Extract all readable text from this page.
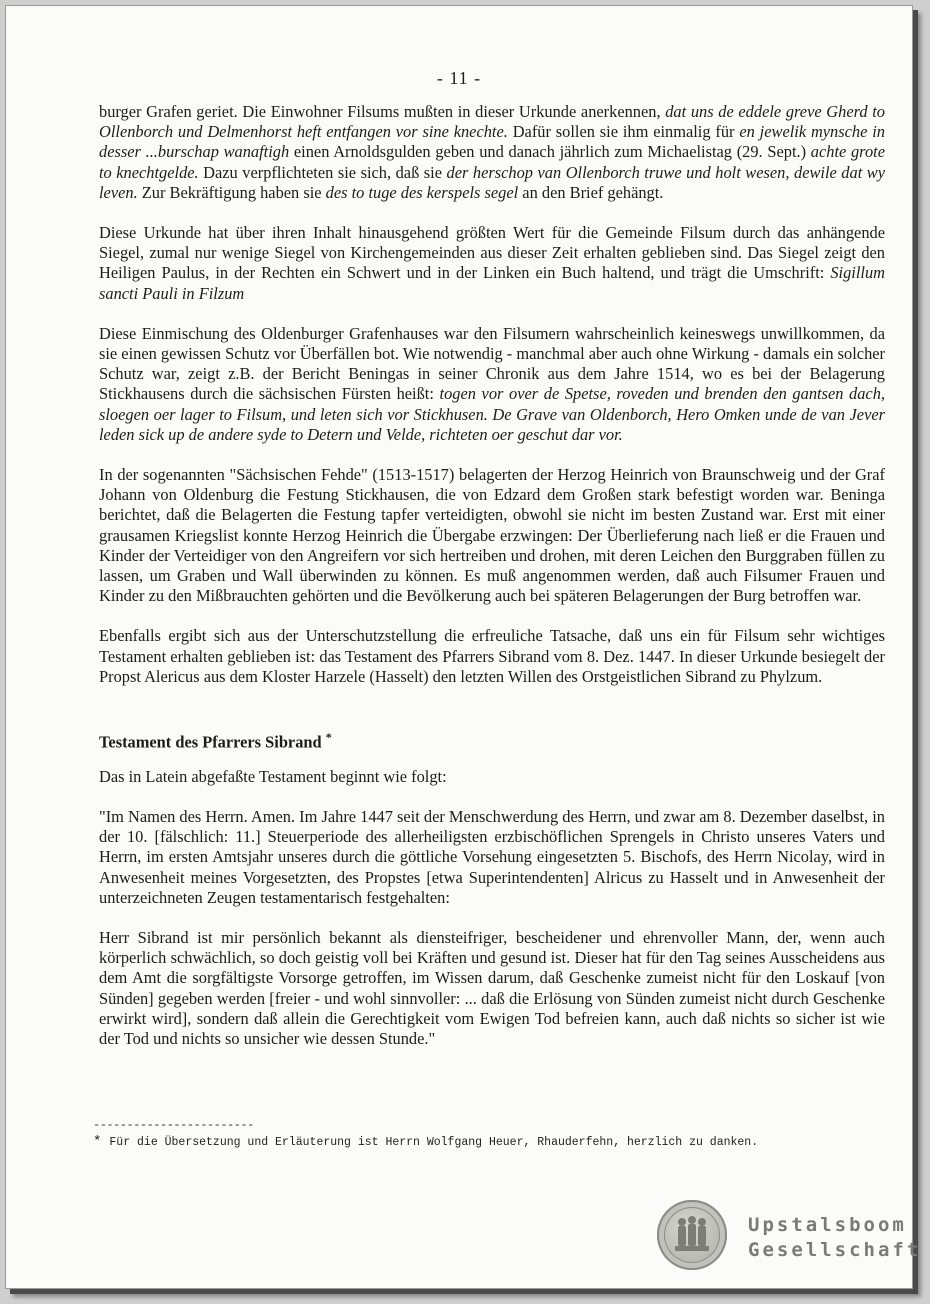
- 11 -

burger Grafen geriet. Die Einwohner Filsums mußten in dieser Urkunde anerkennen, dat uns de eddele greve Gherd to Ollenborch und Delmenhorst heft entfangen vor sine knechte. Dafür sollen sie ihm einmalig für en jewelik mynsche in desser ...burschap wanaftigh einen Arnoldsgulden geben und danach jährlich zum Michaelistag (29. Sept.) achte grote to knechtgelde. Dazu verpflichteten sie sich, daß sie der herschop van Ollenborch truwe und holt wesen, dewile dat wy leven. Zur Bekräftigung haben sie des to tuge des kerspels segel an den Brief gehängt.

Diese Urkunde hat über ihren Inhalt hinausgehend größten Wert für die Gemeinde Filsum durch das anhängende Siegel, zumal nur wenige Siegel von Kirchengemeinden aus dieser Zeit erhalten geblieben sind. Das Siegel zeigt den Heiligen Paulus, in der Rechten ein Schwert und in der Linken ein Buch haltend, und trägt die Umschrift: Sigillum sancti Pauli in Filzum

Diese Einmischung des Oldenburger Grafenhauses war den Filsumern wahrscheinlich keineswegs unwillkommen, da sie einen gewissen Schutz vor Überfällen bot. Wie notwendig - manchmal aber auch ohne Wirkung - damals ein solcher Schutz war, zeigt z.B. der Bericht Beningas in seiner Chronik aus dem Jahre 1514, wo es bei der Belagerung Stickhausens durch die sächsischen Fürsten heißt: togen vor over de Spetse, roveden und brenden den gantsen dach, sloegen oer lager to Filsum, und leten sich vor Stickhusen. De Grave van Oldenborch, Hero Omken unde de van Jever leden sick up de andere syde to Detern und Velde, richteten oer geschut dar vor.

In der sogenannten "Sächsischen Fehde" (1513-1517) belagerten der Herzog Heinrich von Braunschweig und der Graf Johann von Oldenburg die Festung Stickhausen, die von Edzard dem Großen stark befestigt worden war. Beninga berichtet, daß die Belagerten die Festung tapfer verteidigten, obwohl sie nicht im besten Zustand war. Erst mit einer grausamen Kriegslist konnte Herzog Heinrich die Übergabe erzwingen: Der Überlieferung nach ließ er die Frauen und Kinder der Verteidiger von den Angreifern vor sich hertreiben und drohen, mit deren Leichen den Burggraben füllen zu lassen, um Graben und Wall überwinden zu können. Es muß angenommen werden, daß auch Filsumer Frauen und Kinder zu den Mißbrauchten gehörten und die Bevölkerung auch bei späteren Belagerungen der Burg betroffen war.

Ebenfalls ergibt sich aus der Unterschutzstellung die erfreuliche Tatsache, daß uns ein für Filsum sehr wichtiges Testament erhalten geblieben ist: das Testament des Pfarrers Sibrand vom 8. Dez. 1447. In dieser Urkunde besiegelt der Propst Alericus aus dem Kloster Harzele (Hasselt) den letzten Willen des Orstgeistlichen Sibrand zu Phylzum.

Testament des Pfarrers Sibrand *

Das in Latein abgefaßte Testament beginnt wie folgt:

"Im Namen des Herrn. Amen. Im Jahre 1447 seit der Menschwerdung des Herrn, und zwar am 8. Dezember daselbst, in der 10. [fälschlich: 11.] Steuerperiode des allerheiligsten erzbischöflichen Sprengels in Christo unseres Vaters und Herrn, im ersten Amtsjahr unseres durch die göttliche Vorsehung eingesetzten 5. Bischofs, des Herrn Nicolay, wird in Anwesenheit meines Vorgesetzten, des Propstes [etwa Superintendenten] Alricus zu Hasselt und in Anwesenheit der unterzeichneten Zeugen testamentarisch festgehalten:

Herr Sibrand ist mir persönlich bekannt als diensteifriger, bescheidener und ehrenvoller Mann, der, wenn auch körperlich schwächlich, so doch geistig voll bei Kräften und gesund ist. Dieser hat für den Tag seines Ausscheidens aus dem Amt die sorgfältigste Vorsorge getroffen, im Wissen darum, daß Geschenke zumeist nicht für den Loskauf [von Sünden] gegeben werden [freier - und wohl sinnvoller: ... daß die Erlösung von Sünden zumeist nicht durch Geschenke erwirkt wird], sondern daß allein die Gerechtigkeit vom Ewigen Tod befreien kann, auch daß nichts so sicher ist wie der Tod und nichts so unsicher wie dessen Stunde."

------------------------
* Für die Übersetzung und Erläuterung ist Herrn Wolfgang Heuer, Rhauderfehn, herzlich zu danken.
Upstalsboom
Gesellschaft
